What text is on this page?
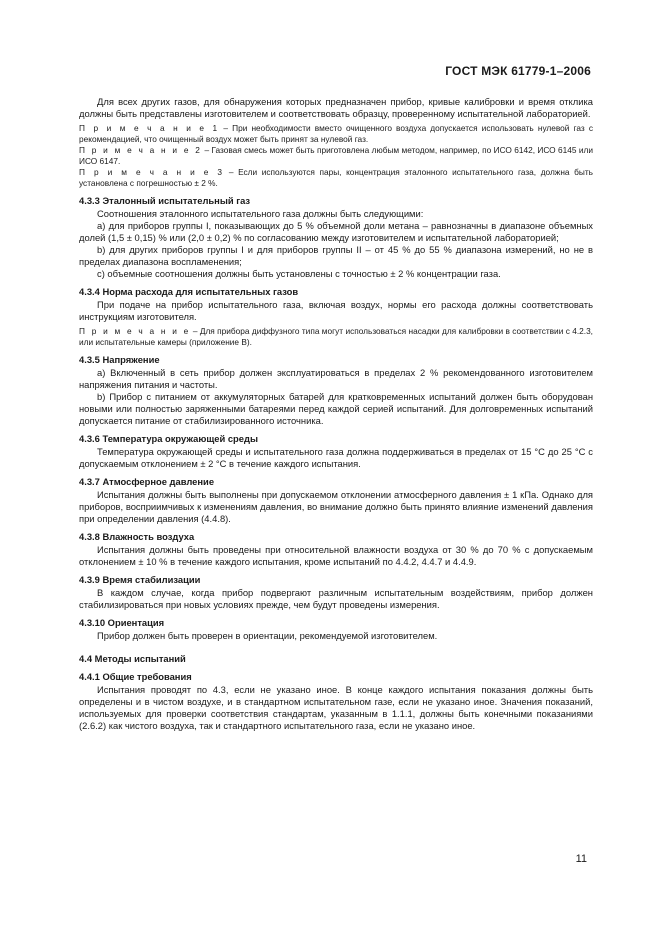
ГОСТ МЭК 61779-1–2006

Для всех других газов, для обнаружения которых предназначен прибор, кривые калибровки и время отклика должны быть представлены изготовителем и соответствовать образцу, проверенному испытательной лабораторией.

П р и м е ч а н и е 1 – При необходимости вместо очищенного воздуха допускается использовать нулевой газ с рекомендацией, что очищенный воздух может быть принят за нулевой газ.

П р и м е ч а н и е 2 – Газовая смесь может быть приготовлена любым методом, например, по ИСО 6142, ИСО 6145 или ИСО 6147.

П р и м е ч а н и е 3 – Если используются пары, концентрация эталонного испытательного газа, должна быть установлена с погрешностью ± 2 %.

4.3.3 Эталонный испытательный газ

Соотношения эталонного испытательного газа должны быть следующими:

a) для приборов группы I, показывающих до 5 % объемной доли метана – равнозначны в диапазоне объемных долей (1,5 ± 0,15) % или (2,0 ± 0,2) % по согласованию между изготовителем и испытательной лабораторией;

b) для других приборов группы I и для приборов группы II – от 45 % до 55 % диапазона измерений, но не в пределах диапазона воспламенения;

c) объемные соотношения должны быть установлены с точностью ± 2 % концентрации газа.

4.3.4 Норма расхода для испытательных газов

При подаче на прибор испытательного газа, включая воздух, нормы его расхода должны соответствовать инструкциям изготовителя.

П р и м е ч а н и е – Для прибора диффузного типа могут использоваться насадки для калибровки в соответствии с 4.2.3, или испытательные камеры (приложение В).

4.3.5 Напряжение

a) Включенный в сеть прибор должен эксплуатироваться в пределах 2 % рекомендованного изготовителем напряжения питания и частоты.

b) Прибор с питанием от аккумуляторных батарей для кратковременных испытаний должен быть оборудован новыми или полностью заряженными батареями перед каждой серией испытаний. Для долговременных испытаний допускается питание от стабилизированного источника.

4.3.6 Температура окружающей среды

Температура окружающей среды и испытательного газа должна поддерживаться в пределах от 15 °С до 25 °С с допускаемым отклонением ± 2 °С в течение каждого испытания.

4.3.7 Атмосферное давление

Испытания должны быть выполнены при допускаемом отклонении атмосферного давления ± 1 кПа. Однако для приборов, восприимчивых к изменениям давления, во внимание должно быть принято влияние изменений давления при определении давления (4.4.8).

4.3.8 Влажность воздуха

Испытания должны быть проведены при относительной влажности воздуха от 30 % до 70 % с допускаемым отклонением ± 10 % в течение каждого испытания, кроме испытаний по 4.4.2, 4.4.7 и 4.4.9.

4.3.9 Время стабилизации

В каждом случае, когда прибор подвергают различным испытательным воздействиям, прибор должен стабилизироваться при новых условиях прежде, чем будут проведены измерения.

4.3.10 Ориентация

Прибор должен быть проверен в ориентации, рекомендуемой изготовителем.

4.4 Методы испытаний

4.4.1 Общие требования

Испытания проводят по 4.3, если не указано иное. В конце каждого испытания показания должны быть определены и в чистом воздухе, и в стандартном испытательном газе, если не указано иное. Значения показаний, используемых для проверки соответствия стандартам, указанным в 1.1.1, должны быть конечными показаниями (2.6.2) как чистого воздуха, так и стандартного испытательного газа, если не указано иное.

11
